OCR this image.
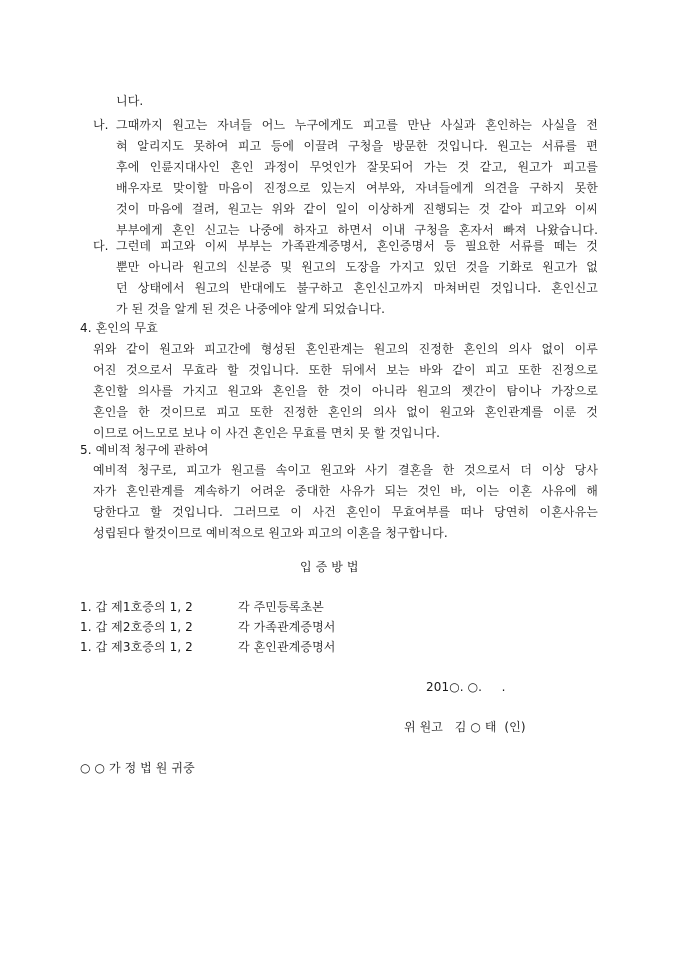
니다.
나. 그때까지 원고는 자녀들 어느 누구에게도 피고를 만난 사실과 혼인하는 사실을 전
혀 알리지도 못하여 피고 등에 이끌려 구청을 방문한 것입니다. 원고는 서류를 편
후에 인륜지대사인 혼인 과정이 무엇인가 잘못되어 가는 것 같고, 원고가 피고를
배우자로 맞이할 마음이 진정으로 있는지 여부와, 자녀들에게 의견을 구하지 못한
것이 마음에 걸려, 원고는 위와 같이 일이 이상하게 진행되는 것 같아 피고와 이씨
부부에게 혼인 신고는 나중에 하자고 하면서 이내 구청을 혼자서 빠져 나왔습니다.
다. 그런데 피고와 이씨 부부는 가족관계증명서, 혼인증명서 등 필요한 서류를 떼는 것
뿐만 아니라 원고의 신분증 및 원고의 도장을 가지고 있던 것을 기화로 원고가 없
던 상태에서 원고의 반대에도 불구하고 혼인신고까지 마쳐버린 것입니다. 혼인신고
가 된 것을 알게 된 것은 나중에야 알게 되었습니다.
4. 혼인의 무효
위와 같이 원고와 피고간에 형성된 혼인관계는 원고의 진정한 혼인의 의사 없이 이루
어진 것으로서 무효라 할 것입니다. 또한 뒤에서 보는 바와 같이 피고 또한 진정으로
혼인할 의사를 가지고 원고와 혼인을 한 것이 아니라 원고의 젯간이 탐이나 가장으로
혼인을 한 것이므로 피고 또한 진정한 혼인의 의사 없이 원고와 혼인관계를 이룬 것
이므로 어느모로 보나 이 사건 혼인은 무효를 면치 못 할 것입니다.
5. 예비적 청구에 관하여
예비적 청구로, 피고가 원고를 속이고 원고와 사기 결혼을 한 것으로서 더 이상 당사
자가 혼인관계를 계속하기 어려운 중대한 사유가 되는 것인 바, 이는 이혼 사유에 해
당한다고 할 것입니다. 그러므로 이 사건 혼인이 무효여부를 떠나 당연히 이혼사유는
성립된다 할것이므로 예비적으로 원고와 피고의 이혼을 청구합니다.
입 증 방 법
1. 갑 제1호증의 1, 2	각 주민등록초본
1. 갑 제2호증의 1, 2	각 가족관계증명서
1. 갑 제3호증의 1, 2	각 혼인관계증명서
201○. ○.     .
위 원고   김 ○ 태  (인)
○ ○ 가 정 법 원 귀중
